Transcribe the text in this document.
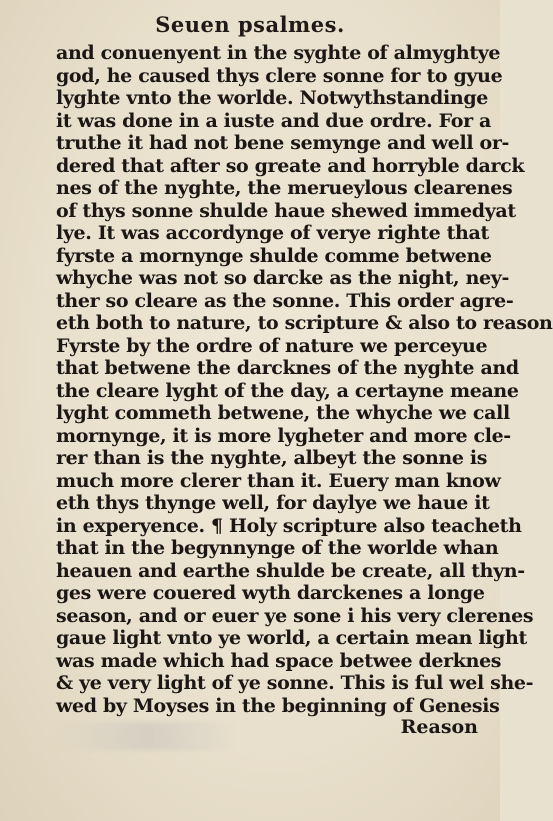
Seuen psalmes.
and conuenyent in the syghte of almyghtye
god, he caused thys clere sonne for to gyue
lyghte vnto the worlde. Notwythstandinge
it was done in a iuste and due ordre. For a
truthe it had not bene semynge and well or-
dered that after so greate and horryble darck
nes of the nyghte, the merueylous clearenes
of thys sonne shulde haue shewed immedyat
lye. It was accordynge of verye righte that
fyrste a mornynge shulde comme betwene
whyche was not so darcke as the night, ney-
ther so cleare as the sonne. This order agre-
eth both to nature, to scripture & also to reason
Fyrste by the ordre of nature we perceyue
that betwene the darcknes of the nyghte and
the cleare lyght of the day, a certayne meane
lyght commeth betwene, the whyche we call
mornynge, it is more lygheter and more cle-
rer than is the nyghte, albeyt the sonne is
much more clerer than it. Euery man know
eth thys thynge well, for daylye we haue it
in experyence. ¶ Holy scripture also teacheth
that in the begynnynge of the worlde whan
heauen and earthe shulde be create, all thyn-
ges were couered wyth darckenes a longe
season, and or euer ye sone i his very clerenes
gaue light vnto ye world, a certain mean light
was made which had space betwee derknes
& ye very light of ye sonne. This is ful wel she-
wed by Moyses in the beginning of Genesis
Reason
